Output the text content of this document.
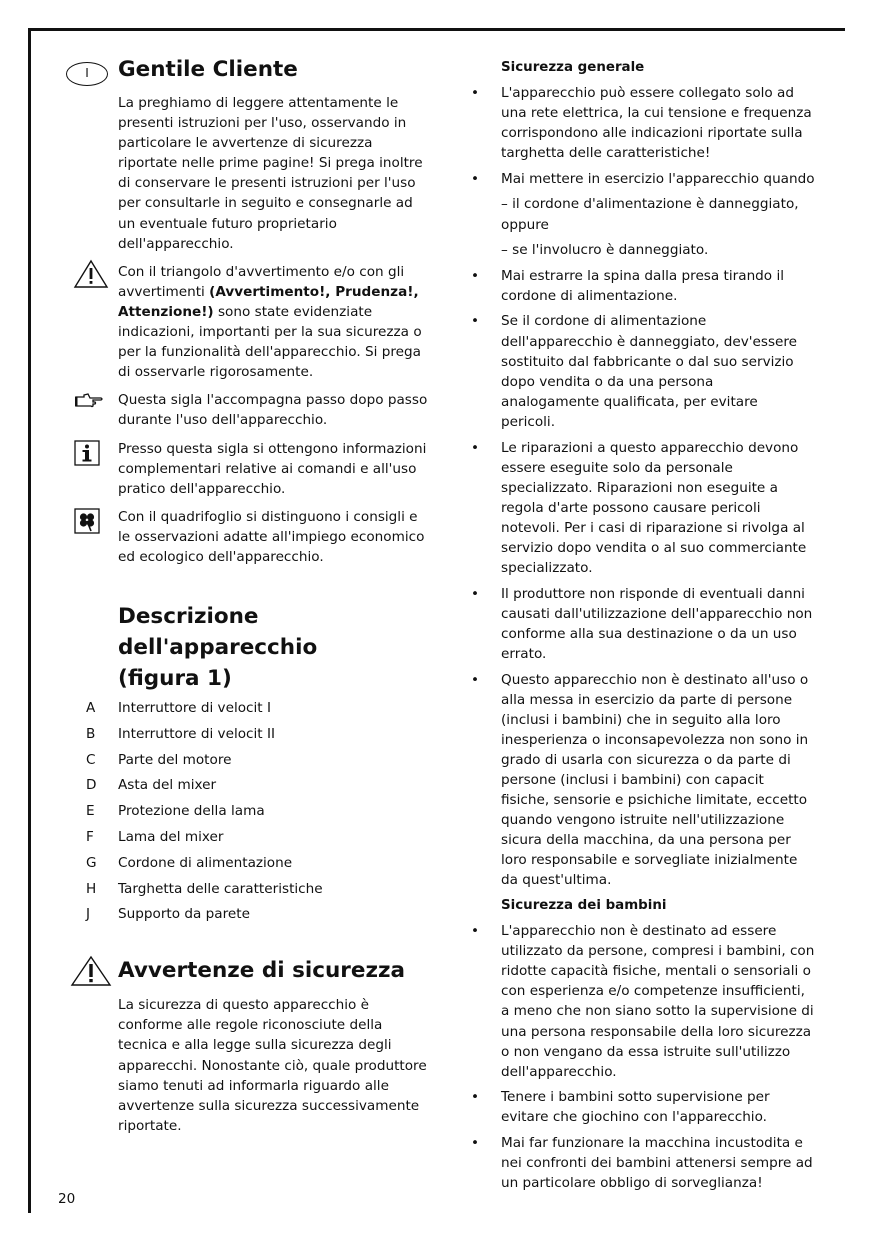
I	Gentile Cliente
La preghiamo di leggere attentamente le presenti istruzioni per l'uso, osservando in particolare le avvertenze di sicurezza riportate nelle prime pagine! Si prega inoltre di conservare le presenti istruzioni per l'uso per consultarle in seguito e consegnarle ad un eventuale futuro proprietario dell'apparecchio.
Con il triangolo d'avvertimento e/o con gli avvertimenti (Avvertimento!, Prudenza!, Attenzione!) sono state evidenziate indicazioni, importanti per la sua sicurezza o per la funzionalità dell'apparecchio. Si prega di osservarle rigorosamente.
Questa sigla l'accompagna passo dopo passo durante l'uso dell'apparecchio.
Presso questa sigla si ottengono informazioni complementari relative ai comandi e all'uso pratico dell'apparecchio.
Con il quadrifoglio si distinguono i consigli e le osservazioni adatte all'impiego economico ed ecologico dell'apparecchio.
Descrizione dell'apparecchio
(figura 1)
A Interruttore di velocit I
B Interruttore di velocit II
C Parte del motore
D Asta del mixer
E Protezione della lama
F Lama del mixer
G Cordone di alimentazione
H Targhetta delle caratteristiche
J Supporto da parete
Avvertenze di sicurezza
La sicurezza di questo apparecchio è conforme alle regole riconosciute della tecnica e alla legge sulla sicurezza degli apparecchi. Nonostante ciò, quale produttore siamo tenuti ad informarla riguardo alle avvertenze sulla sicurezza successivamente riportate.
Sicurezza generale
•	L'apparecchio può essere collegato solo ad una rete elettrica, la cui tensione e frequenza corrispondono alle indicazioni riportate sulla targhetta delle caratteristiche!
•	Mai mettere in esercizio l'apparecchio quando
– il cordone d'alimentazione è danneggiato, oppure
– se l'involucro è danneggiato.
•	Mai estrarre la spina dalla presa tirando il cordone di alimentazione.
•	Se il cordone di alimentazione dell'apparecchio è danneggiato, dev'essere sostituito dal fabbricante o dal suo servizio dopo vendita o da una persona analogamente qualificata, per evitare pericoli.
•	Le riparazioni a questo apparecchio devono essere eseguite solo da personale specializzato. Riparazioni non eseguite a regola d'arte possono causare pericoli notevoli. Per i casi di riparazione si rivolga al servizio dopo vendita o al suo commerciante specializzato.
•	Il produttore non risponde di eventuali danni causati dall'utilizzazione dell'apparecchio non conforme alla sua destinazione o da un uso errato.
•	Questo apparecchio non è destinato all'uso o alla messa in esercizio da parte di persone (inclusi i bambini) che in seguito alla loro inesperienza o inconsapevolezza non sono in grado di usarla con sicurezza o da parte di persone (inclusi i bambini) con capacit fisiche, sensorie e psichiche limitate, eccetto quando vengono istruite nell'utilizzazione sicura della macchina, da una persona per loro responsabile e sorvegliate inizialmente da quest'ultima.
Sicurezza dei bambini
•	L'apparecchio non è destinato ad essere utilizzato da persone, compresi i bambini, con ridotte capacità fisiche, mentali o sensoriali o con esperienza e/o competenze insufficienti, a meno che non siano sotto la supervisione di una persona responsabile della loro sicurezza o non vengano da essa istruite sull'utilizzo dell'apparecchio.
•	Tenere i bambini sotto supervisione per evitare che giochino con l'apparecchio.
•	Mai far funzionare la macchina incustodita e nei confronti dei bambini attenersi sempre ad un particolare obbligo di sorveglianza!
20
